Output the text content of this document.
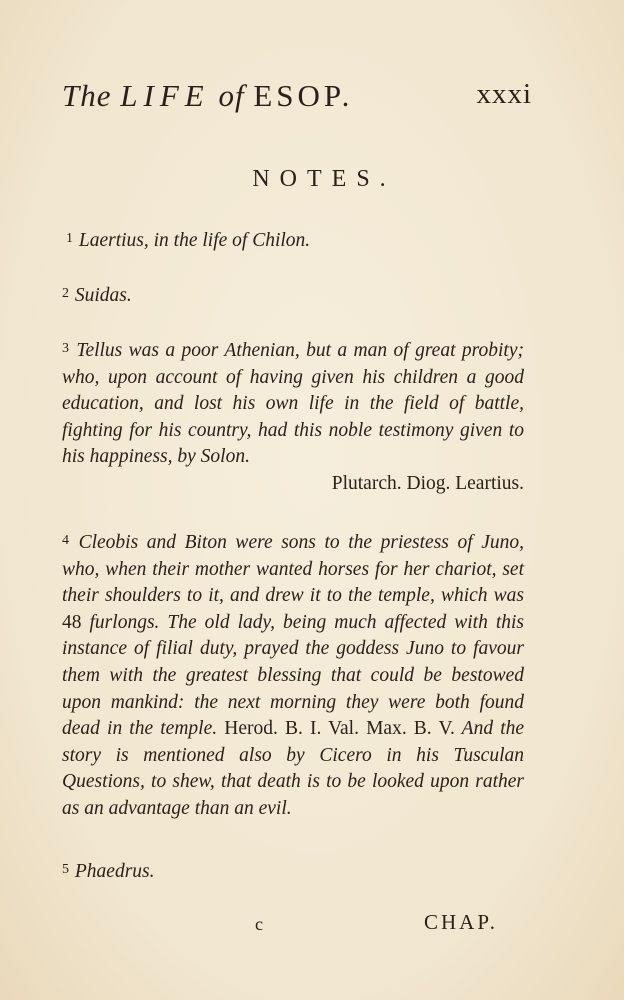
The LIFE of ESOP.	xxxi
NOTES.
$^1$ Laertius, in the life of Chilon.
$^2$ Suidas.
$^3$ Tellus was a poor Athenian, but a man of great probity; who, upon account of having given his children a good education, and lost his own life in the field of battle, fighting for his country, had this noble testimony given to his happiness, by Solon.
Plutarch. Diog. Leartius.
$^4$ Cleobis and Biton were sons to the priestess of Juno, who, when their mother wanted horses for her chariot, set their shoulders to it, and drew it to the temple, which was 48 furlongs. The old lady, being much affected with this instance of filial duty, prayed the goddess Juno to favour them with the greatest blessing that could be bestowed upon mankind: the next morning they were both found dead in the temple. Herod. B. I. Val. Max. B. V. And the story is mentioned also by Cicero in his Tusculan Questions, to shew, that death is to be looked upon rather as an advantage than an evil.
$^5$ Phaedrus.
c	CHAP.
